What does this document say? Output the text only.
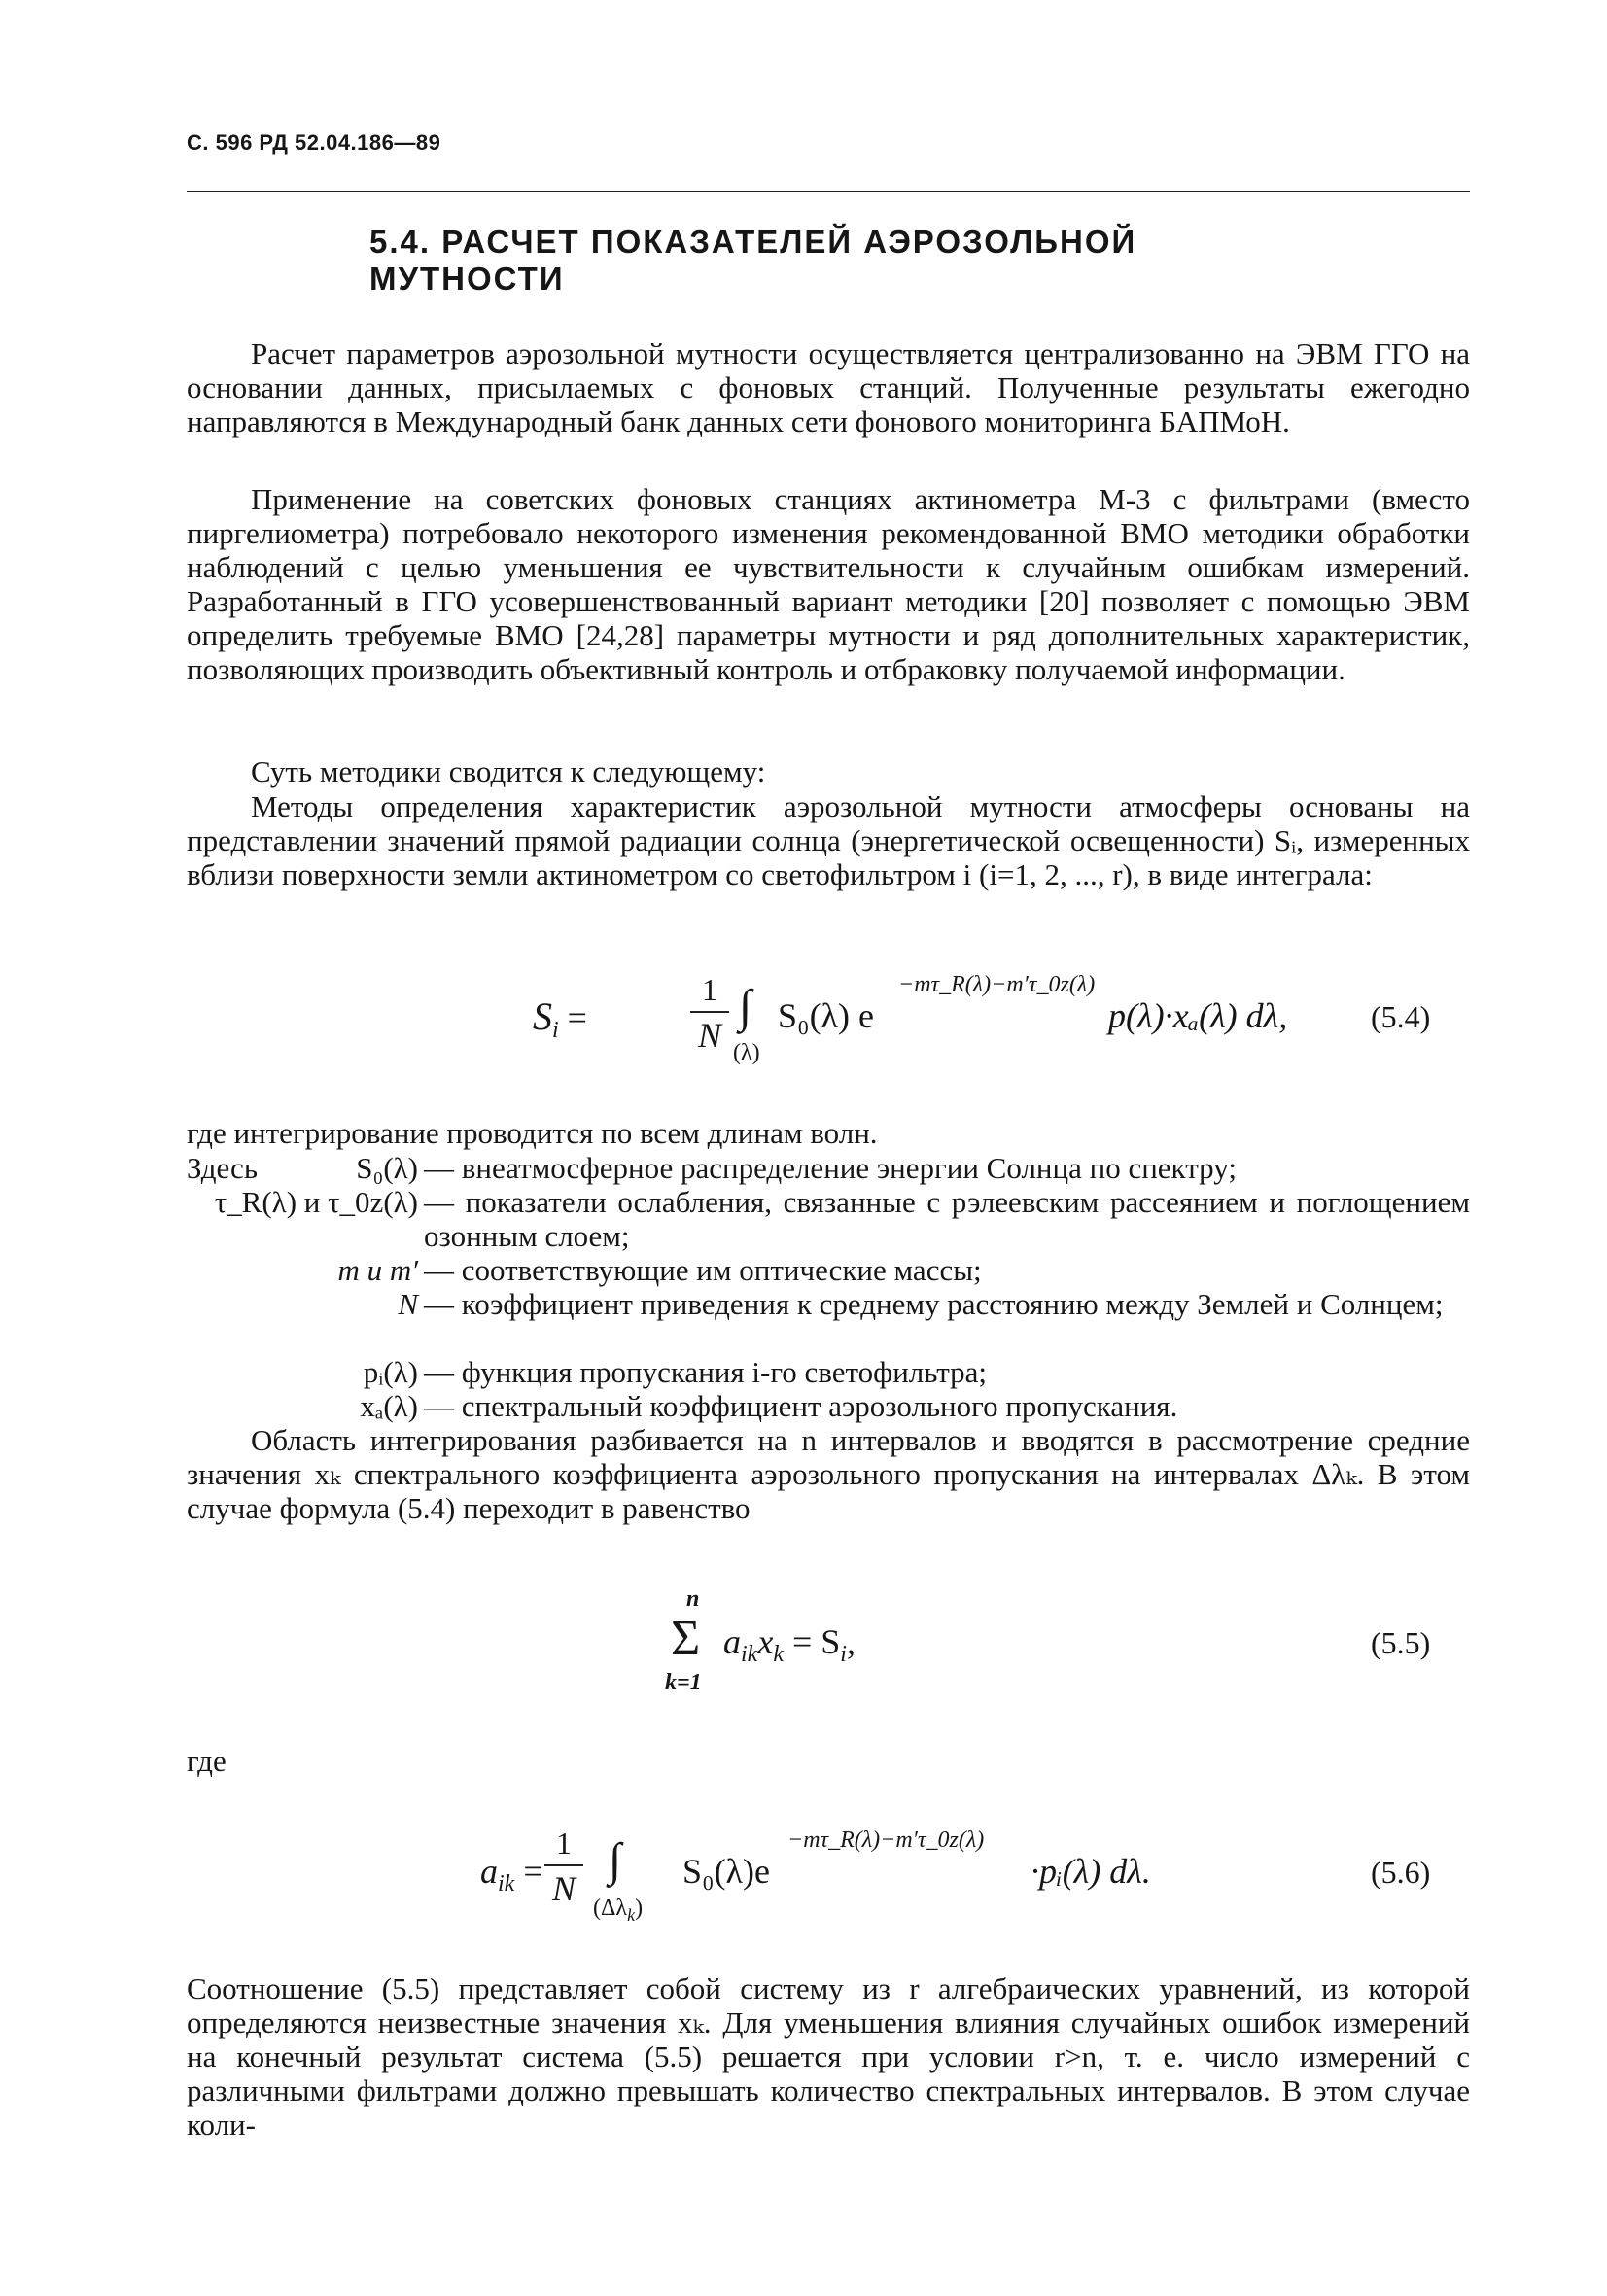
С. 596 РД 52.04.186—89
5.4. РАСЧЕТ ПОКАЗАТЕЛЕЙ АЭРОЗОЛЬНОЙ МУТНОСТИ

Расчет параметров аэрозольной мутности осуществляется централизованно на ЭВМ ГГО на основании данных, присылаемых с фоновых станций. Полученные результаты ежегодно направляются в Международный банк данных сети фонового мониторинга БАПМоН.

Применение на советских фоновых станциях актинометра М-3 с фильтрами (вместо пиргелиометра) потребовало некоторого изменения рекомендованной ВМО методики обработки наблюдений с целью уменьшения ее чувствительности к случайным ошибкам измерений. Разработанный в ГГО усовершенствованный вариант методики [20] позволяет с помощью ЭВМ определить требуемые ВМО [24,28] параметры мутности и ряд дополнительных характеристик, позволяющих производить объективный контроль и отбраковку получаемой информации.

Суть методики сводится к следующему:

Методы определения характеристик аэрозольной мутности атмосферы основаны на представлении значений прямой радиации солнца (энергетической освещенности) Sᵢ, измеренных вблизи поверхности земли актинометром со светофильтром i (i=1, 2, ..., r), в виде интеграла:

$S_i$ =
1
N
∫
(λ)
S₀(λ) e
−mτ_R(λ)−m′τ_0z(λ)
p(λ)·xₐ(λ) dλ,	(5.4)

где интегрирование проводится по всем длинам волн.

Здесь	S₀(λ) — внеатмосферное распределение энергии Солнца по спектру;

τ_R(λ) и τ_0z(λ) — показатели ослабления, связанные с рэлеевским рассеянием и поглощением озонным слоем;

m и m′ — соответствующие им оптические массы;

N — коэффициент приведения к среднему расстоянию между Землей и Солнцем;

pᵢ(λ) — функция пропускания i-го светофильтра;

xₐ(λ) — спектральный коэффициент аэрозольного пропускания.

Область интегрирования разбивается на n интервалов и вводятся в рассмотрение средние значения xₖ спектрального коэффициента аэрозольного пропускания на интервалах Δλₖ. В этом случае формула (5.4) переходит в равенство

n
Σ
k=1
$a_{ik}x_k = S_i$,	(5.5)

где

$a_{ik}$ =
1
N
∫
$(\Delta\lambda_k)$
S₀(λ)e
−mτ_R(λ)−m′τ_0z(λ)
·pᵢ(λ) dλ.	(5.6)

Соотношение (5.5) представляет собой систему из r алгебраических уравнений, из которой определяются неизвестные значения xₖ. Для уменьшения влияния случайных ошибок измерений на конечный результат система (5.5) решается при условии r>n, т. е. число измерений с различными фильтрами должно превышать количество спектральных интервалов. В этом случае коли-
